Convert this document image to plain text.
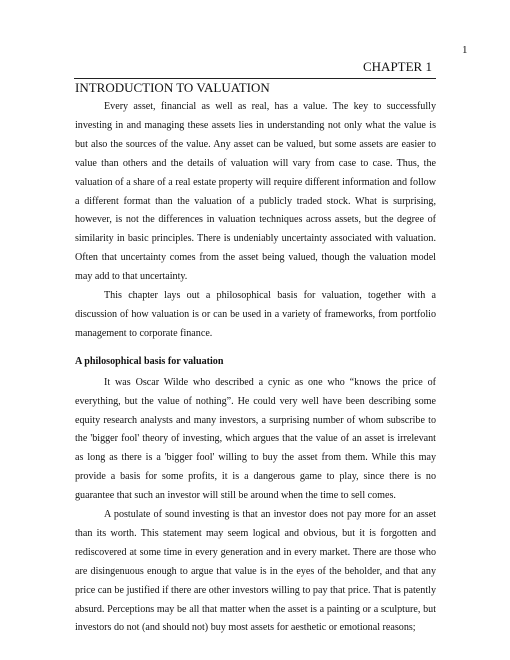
1
CHAPTER 1
INTRODUCTION TO VALUATION

Every asset, financial as well as real, has a value. The key to successfully investing in and managing these assets lies in understanding not only what the value is but also the sources of the value. Any asset can be valued, but some assets are easier to value than others and the details of valuation will vary from case to case. Thus, the valuation of a share of a real estate property will require different information and follow a different format than the valuation of a publicly traded stock. What is surprising, however, is not the differences in valuation techniques across assets, but the degree of similarity in basic principles. There is undeniably uncertainty associated with valuation. Often that uncertainty comes from the asset being valued, though the valuation model may add to that uncertainty.

This chapter lays out a philosophical basis for valuation, together with a discussion of how valuation is or can be used in a variety of frameworks, from portfolio management to corporate finance.

A philosophical basis for valuation

It was Oscar Wilde who described a cynic as one who “knows the price of everything, but the value of nothing”. He could very well have been describing some equity research analysts and many investors, a surprising number of whom subscribe to the 'bigger fool' theory of investing, which argues that the value of an asset is irrelevant as long as there is a 'bigger fool' willing to buy the asset from them. While this may provide a basis for some profits, it is a dangerous game to play, since there is no guarantee that such an investor will still be around when the time to sell comes.

A postulate of sound investing is that an investor does not pay more for an asset than its worth. This statement may seem logical and obvious, but it is forgotten and rediscovered at some time in every generation and in every market. There are those who are disingenuous enough to argue that value is in the eyes of the beholder, and that any price can be justified if there are other investors willing to pay that price. That is patently absurd. Perceptions may be all that matter when the asset is a painting or a sculpture, but investors do not (and should not) buy most assets for aesthetic or emotional reasons;
